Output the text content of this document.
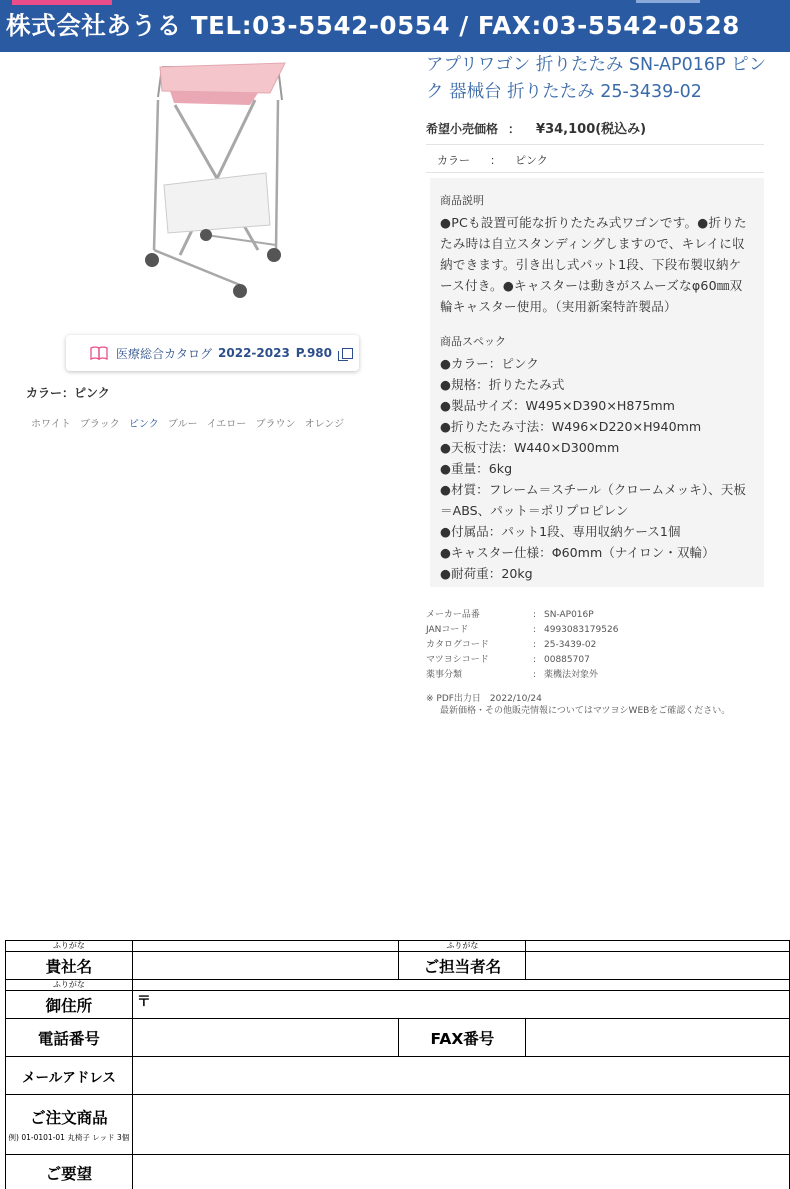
株式会社あうる TEL:03-5542-0554 / FAX:03-5542-0528
医療総合カタログ 2022-2023 P.980
カラー：ピンク
ホワイト ブラック ピンク ブルー イエロー ブラウン オレンジ
アプリワゴン 折りたたみ SN-AP016P ピンク 器械台 折りたたみ 25-3439-02
希望小売価格 ： ¥34,100(税込み)
カラー ： ピンク
商品説明
●PCも設置可能な折りたたみ式ワゴンです。●折りたたみ時は自立スタンディングしますので、キレイに収納できます。引き出し式パット1段、下段布製収納ケース付き。●キャスターは動きがスムーズなφ60㎜双輪キャスター使用。（実用新案特許製品）
商品スペック
●カラー：ピンク
●規格：折りたたみ式
●製品サイズ：W495×D390×H875mm
●折りたたみ寸法：W496×D220×H940mm
●天板寸法：W440×D300mm
●重量：6kg
●材質：フレーム＝スチール（クロームメッキ）、天板＝ABS、パット＝ポリプロピレン
●付属品：パット1段、専用収納ケース1個
●キャスター仕様：Φ60mm（ナイロン・双輪）
●耐荷重：20kg
メーカー品番	: SN-AP016P
JANコード	: 4993083179526
カタログコード	: 25-3439-02
マツヨシコード	: 00885707
薬事分類	: 薬機法対象外
※ PDF出力日　2022/10/24
最新価格・その他販売情報についてはマツヨシWEBをご確認ください。
ふりがな		ふりがな	
貴社名		ご担当者名	
ふりがな			
御住所	〒		
電話番号		FAX番号	
メールアドレス			
ご注文商品
例) 01-0101-01 丸椅子 レッド 3個			

ご要望			
